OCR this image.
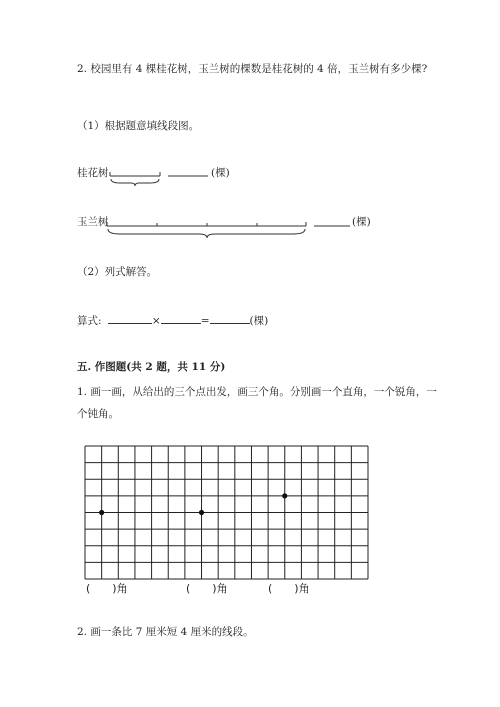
2. 校园里有 4 棵桂花树，玉兰树的棵数是桂花树的 4 倍，玉兰树有多少棵?
（1）根据题意填线段图。
桂花树	(棵)
玉兰树	(棵)
（2）列式解答。
算式:	×	=	(棵)
五. 作图题(共 2 题，共 11 分)
1. 画一画，从给出的三个点出发，画三个角。分别画一个直角，一个锐角，一
个钝角。
2. 画一条比 7 厘米短 4 厘米的线段。
(　　)角	(　　)角	(　　)角
